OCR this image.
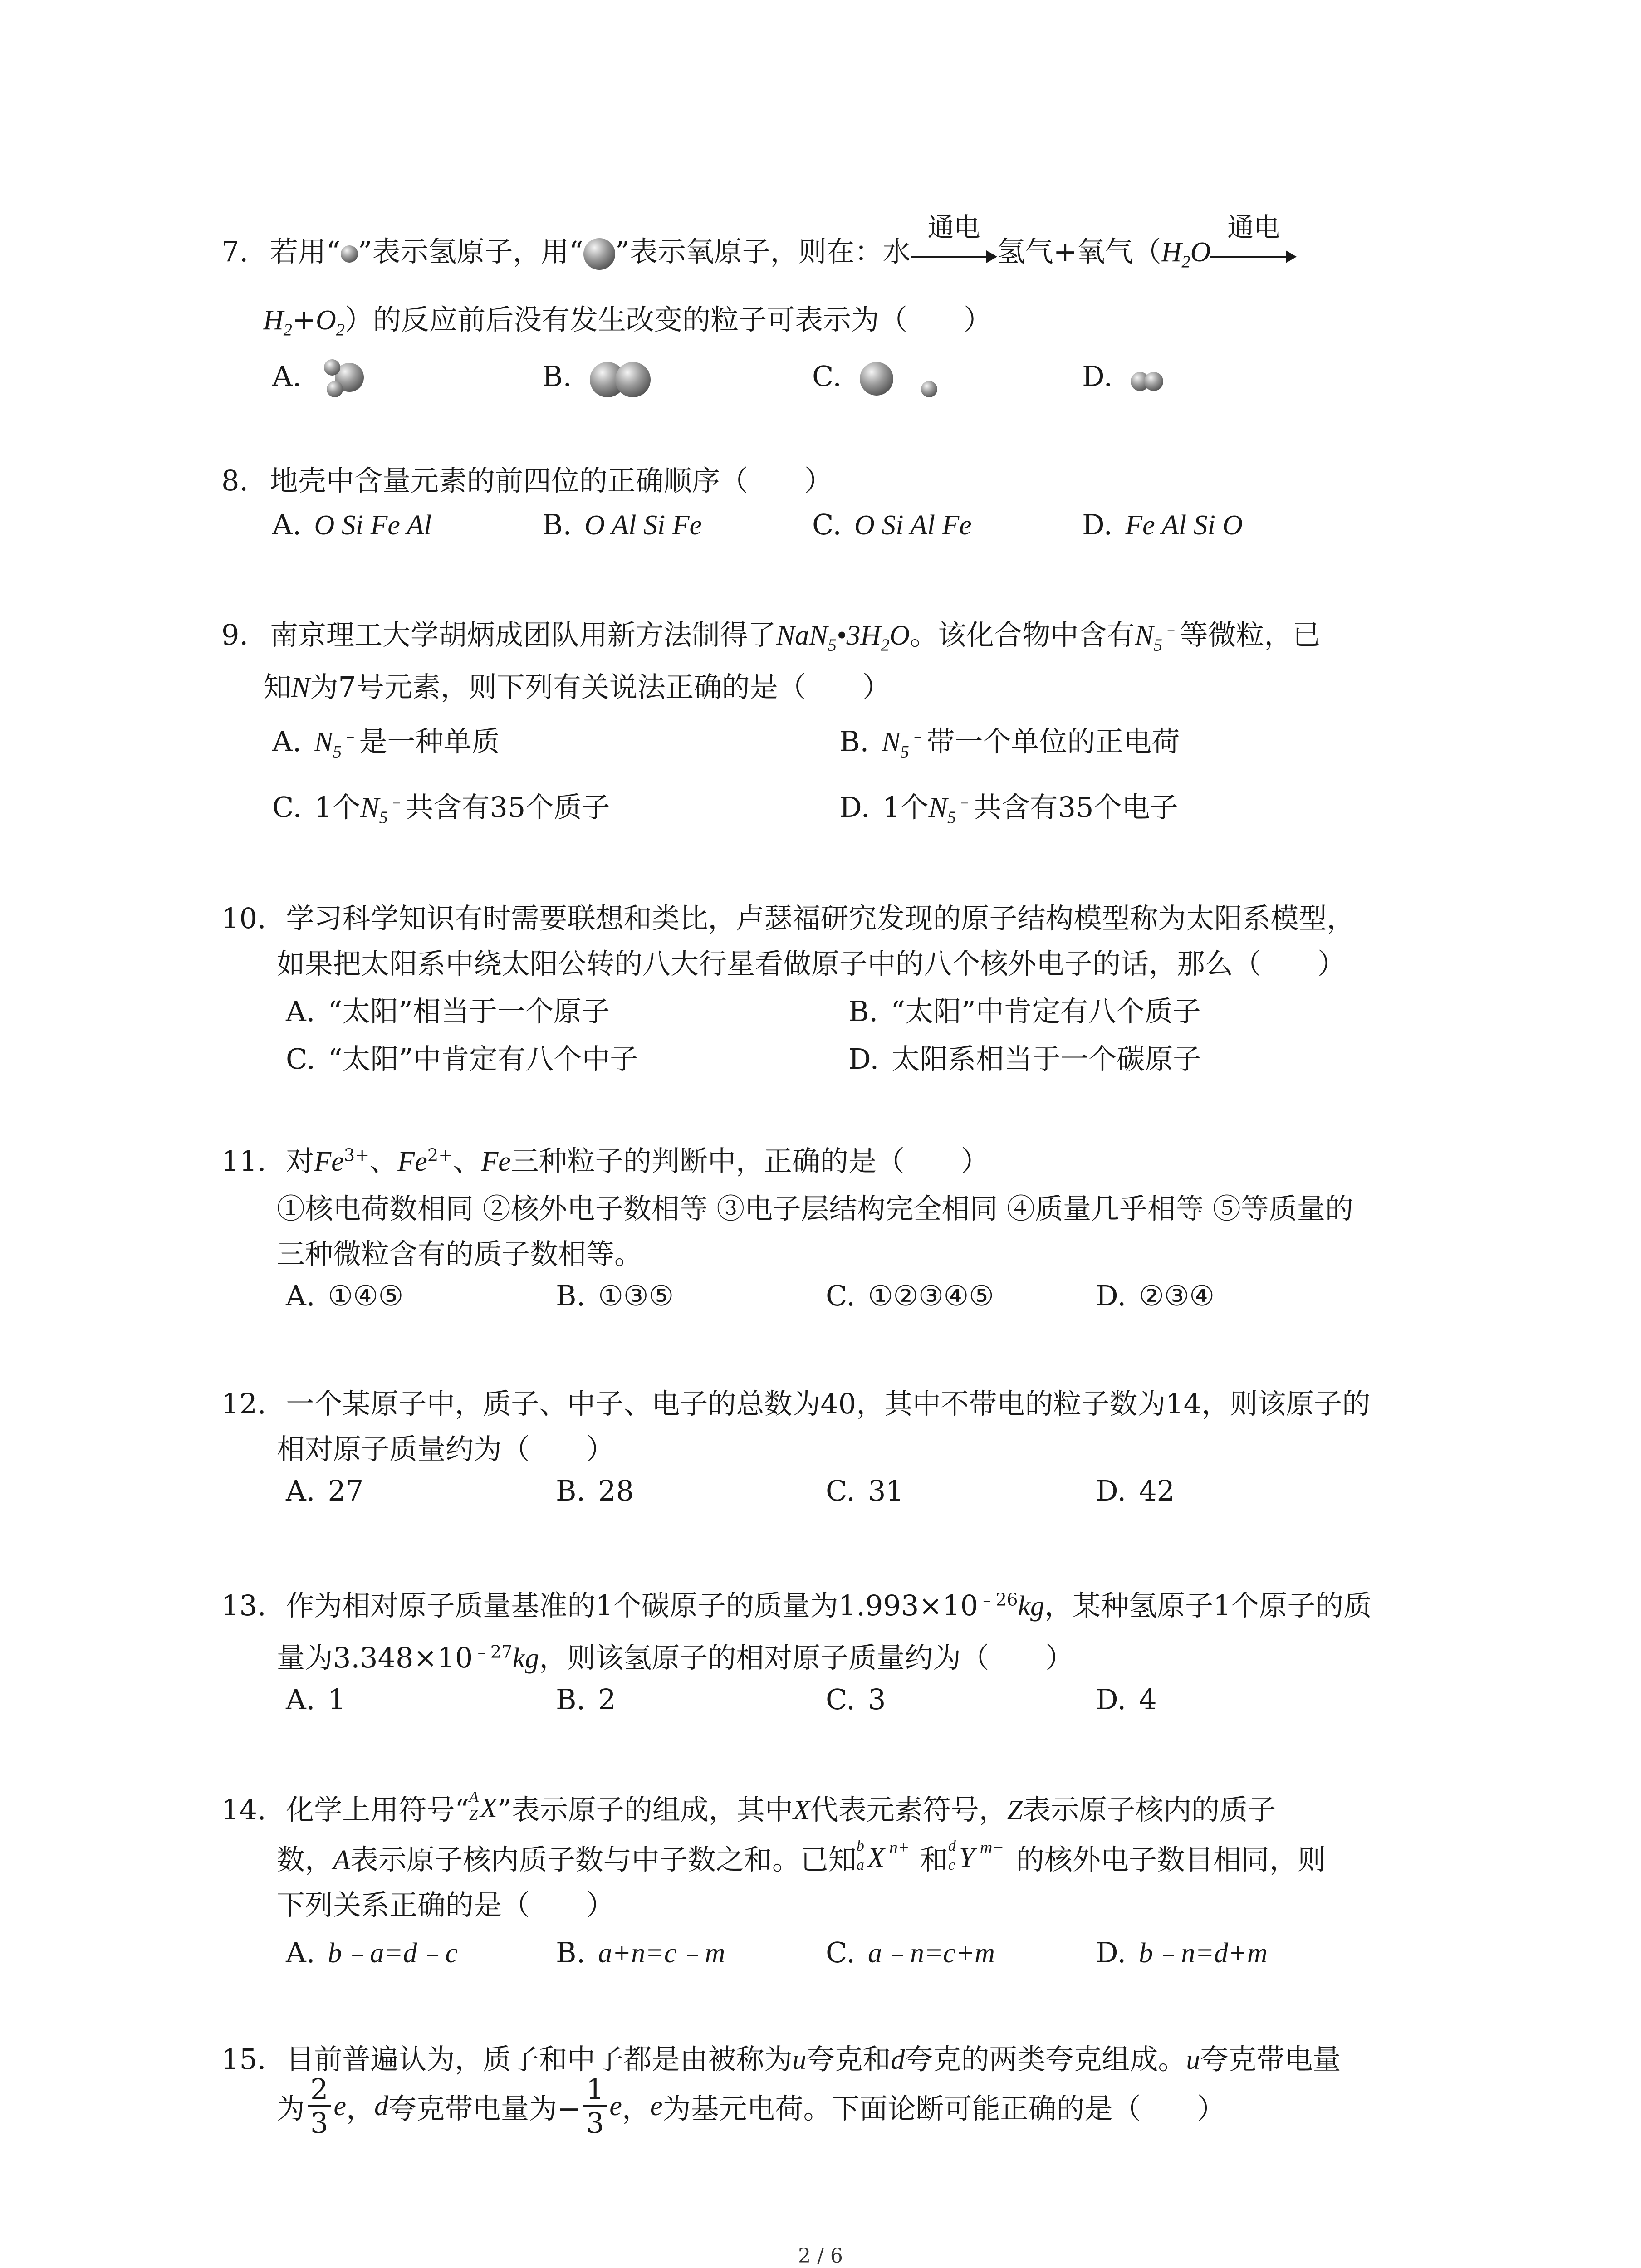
7. 若用“ ”表示氢原子，用“ ”表示氧原子，则在：水
通电
氢气+氧气（$H_2O$
通电
$H_2+O_2$）的反应前后没有发生改变的粒子可表示为（　　）
A.	B.	C.	D.
8. 地壳中含量元素的前四位的正确顺序（　　）
A. O Si Fe Al	B. O Al Si Fe	C. O Si Al Fe	D. Fe Al Si O
9. 南京理工大学胡炳成团队用新方法制得了$NaN_5•3H_2O$。该化合物中含有$N_5^﹣$等微粒，已
知N为7号元素，则下列有关说法正确的是（　　）
A. $N_5^﹣$是一种单质	B. $N_5^﹣$带一个单位的正电荷
C. 1个$N_5^﹣$共含有35个质子	D. 1个$N_5^﹣$共含有35个电子
10. 学习科学知识有时需要联想和类比，卢瑟福研究发现的原子结构模型称为太阳系模型，
如果把太阳系中绕太阳公转的八大行星看做原子中的八个核外电子的话，那么（　　）
A. “太阳”相当于一个原子	B. “太阳”中肯定有八个质子
C. “太阳”中肯定有八个中子	D. 太阳系相当于一个碳原子
11. 对$Fe^{3+}$、$Fe^{2+}$、Fe三种粒子的判断中，正确的是（　　）
①核电荷数相同 ②核外电子数相等 ③电子层结构完全相同 ④质量几乎相等 ⑤等质量的
三种微粒含有的质子数相等。
A. ①④⑤	B. ①③⑤	C. ①②③④⑤	D. ②③④
12. 一个某原子中，质子、中子、电子的总数为40，其中不带电的粒子数为14，则该原子的
相对原子质量约为（　　）
A. 27	B. 28	C. 31	D. 42
13. 作为相对原子质量基准的1个碳原子的质量为$1.993\times 10^{﹣26}kg$，某种氢原子1个原子的质
量为$3.348\times 10^{﹣27}kg$，则该氢原子的相对原子质量约为（　　）
A. 1	B. 2	C. 3	D. 4
14. 化学上用符号“ A
Z X ”表示原子的组成，其中X代表元素符号，Z表示原子核内的质子
数，A表示原子核内质子数与中子数之和。已知 b
a X n+ 和 d
c Y m− 的核外电子数目相同，则
下列关系正确的是（　　）
A. b﹣a=d﹣c	B. a+n=c﹣m	C. a﹣n=c+m	D. b﹣n=d+m
15. 目前普遍认为，质子和中子都是由被称为u夸克和d夸克的两类夸克组成。u夸克带电量
为 $\frac{2}{3}$ e，d夸克带电量为− $\frac{1}{3}$ e，e为基元电荷。下面论断可能正确的是（　　）
2 / 6
